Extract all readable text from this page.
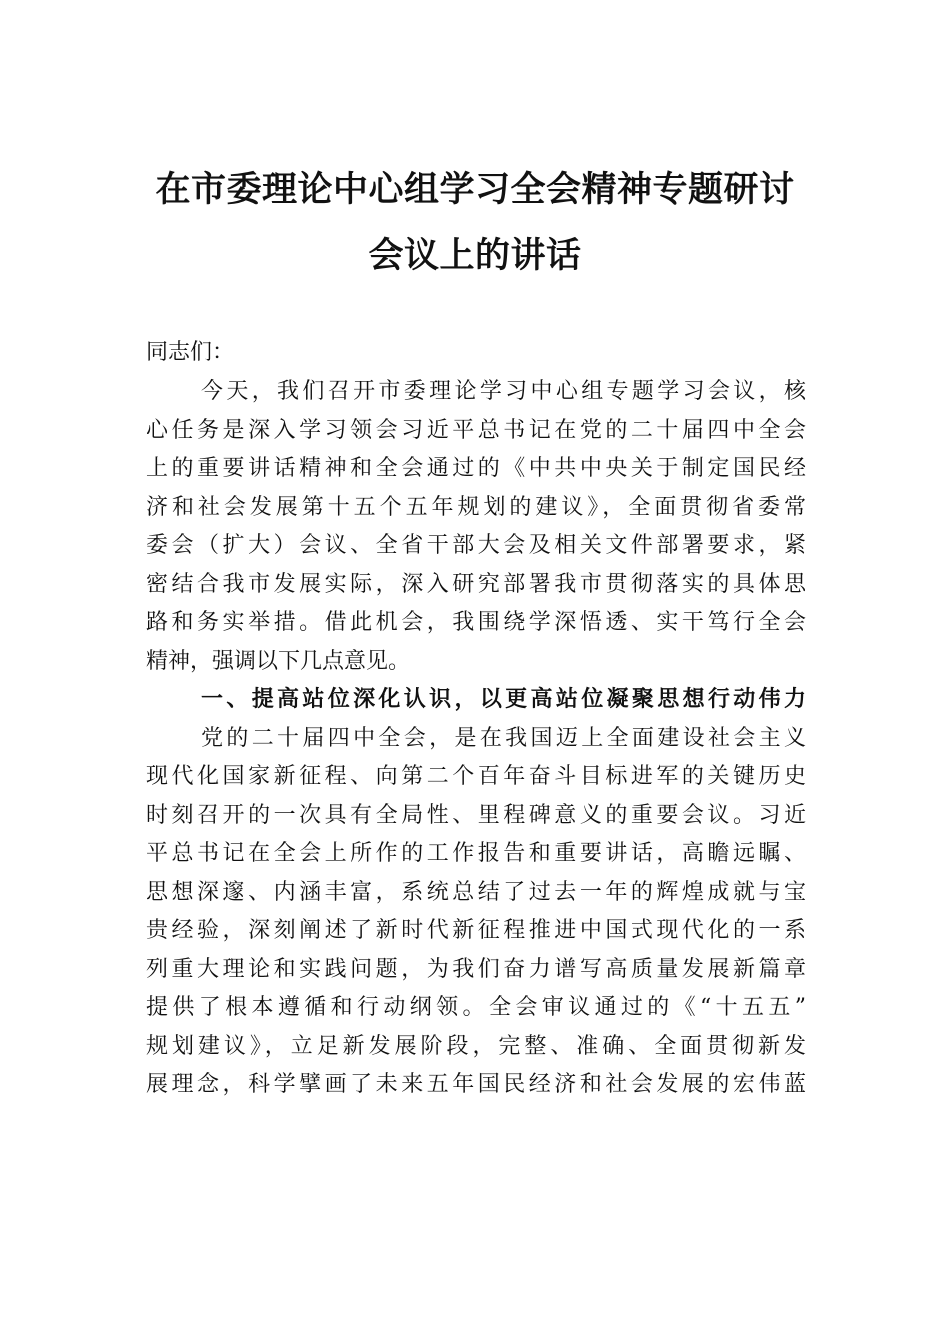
在市委理论中心组学习全会精神专题研讨
会议上的讲话
同志们：
今天，我们召开市委理论学习中心组专题学习会议，核
心任务是深入学习领会习近平总书记在党的二十届四中全会
上的重要讲话精神和全会通过的《中共中央关于制定国民经
济和社会发展第十五个五年规划的建议》，全面贯彻省委常
委会（扩大）会议、全省干部大会及相关文件部署要求，紧
密结合我市发展实际，深入研究部署我市贯彻落实的具体思
路和务实举措。借此机会，我围绕学深悟透、实干笃行全会
精神，强调以下几点意见。
一、提高站位深化认识，以更高站位凝聚思想行动伟力
党的二十届四中全会，是在我国迈上全面建设社会主义
现代化国家新征程、向第二个百年奋斗目标进军的关键历史
时刻召开的一次具有全局性、里程碑意义的重要会议。习近
平总书记在全会上所作的工作报告和重要讲话，高瞻远瞩、
思想深邃、内涵丰富，系统总结了过去一年的辉煌成就与宝
贵经验，深刻阐述了新时代新征程推进中国式现代化的一系
列重大理论和实践问题，为我们奋力谱写高质量发展新篇章
提供了根本遵循和行动纲领。全会审议通过的《“十五五”
规划建议》，立足新发展阶段，完整、准确、全面贯彻新发
展理念，科学擘画了未来五年国民经济和社会发展的宏伟蓝
